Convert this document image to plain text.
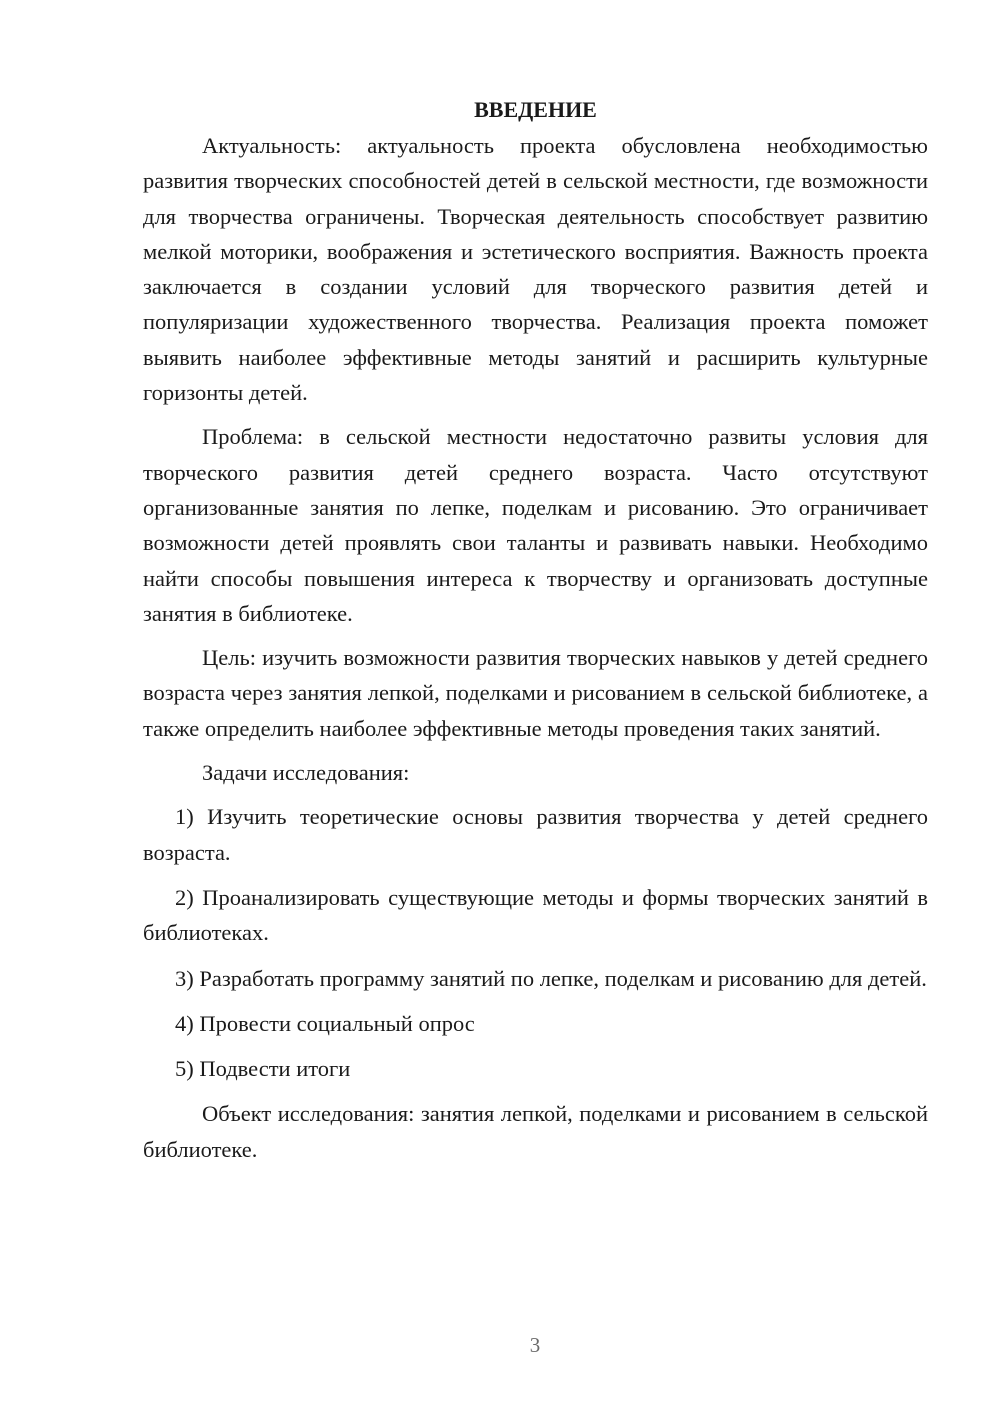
ВВЕДЕНИЕ

Актуальность: актуальность проекта обусловлена необходимостью развития творческих способностей детей в сельской местности, где возможности для творчества ограничены. Творческая деятельность способствует развитию мелкой моторики, воображения и эстетического восприятия. Важность проекта заключается в создании условий для творческого развития детей и популяризации художественного творчества. Реализация проекта поможет выявить наиболее эффективные методы занятий и расширить культурные горизонты детей.

Проблема: в сельской местности недостаточно развиты условия для творческого развития детей среднего возраста. Часто отсутствуют организованные занятия по лепке, поделкам и рисованию. Это ограничивает возможности детей проявлять свои таланты и развивать навыки. Необходимо найти способы повышения интереса к творчеству и организовать доступные занятия в библиотеке.

Цель: изучить возможности развития творческих навыков у детей среднего возраста через занятия лепкой, поделками и рисованием в сельской библиотеке, а также определить наиболее эффективные методы проведения таких занятий.

Задачи исследования:

1) Изучить теоретические основы развития творчества у детей среднего возраста.

2) Проанализировать существующие методы и формы творческих занятий в библиотеках.

3) Разработать программу занятий по лепке, поделкам и рисованию для детей.

4) Провести социальный опрос

5) Подвести итоги

Объект исследования: занятия лепкой, поделками и рисованием в сельской библиотеке.

3
